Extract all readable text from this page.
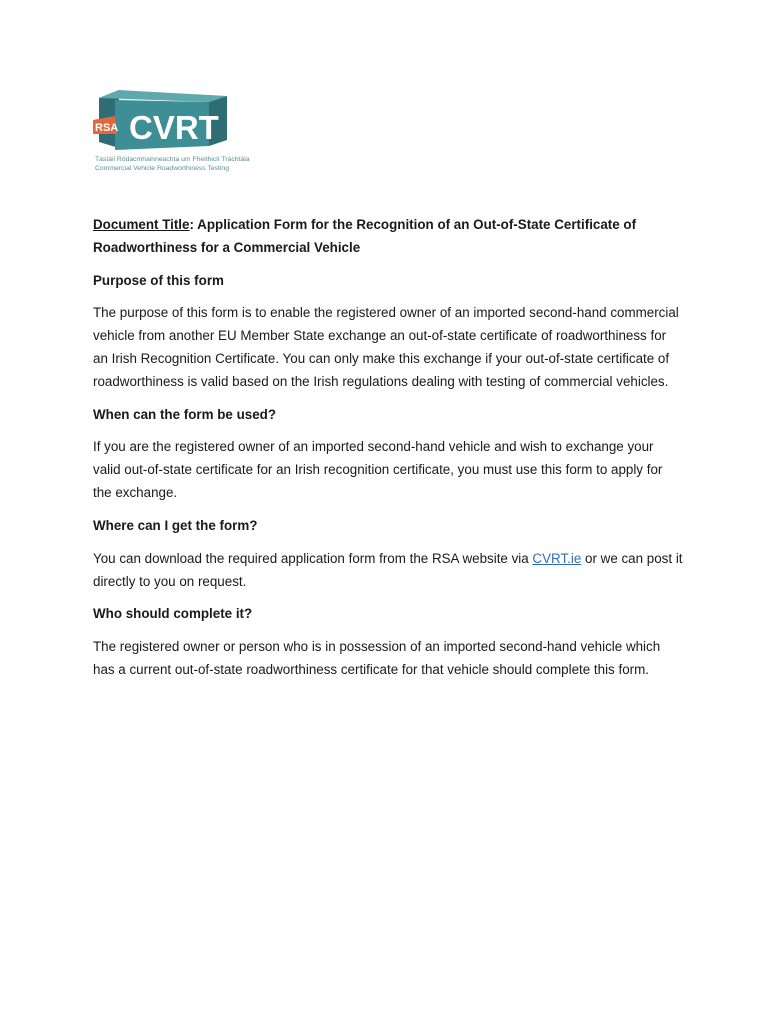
RSA CVRT
Tástáil Ródacmhainneachta um Fheithiclí Tráchtála
Commercial Vehicle Roadworthiness Testing

Document Title: Application Form for the Recognition of an Out-of-State Certificate of Roadworthiness for a Commercial Vehicle

Purpose of this form

The purpose of this form is to enable the registered owner of an imported second-hand commercial vehicle from another EU Member State exchange an out-of-state certificate of roadworthiness for an Irish Recognition Certificate. You can only make this exchange if your out-of-state certificate of roadworthiness is valid based on the Irish regulations dealing with testing of commercial vehicles.

When can the form be used?

If you are the registered owner of an imported second-hand vehicle and wish to exchange your valid out-of-state certificate for an Irish recognition certificate, you must use this form to apply for the exchange.

Where can I get the form?

You can download the required application form from the RSA website via CVRT.ie or we can post it directly to you on request.

Who should complete it?

The registered owner or person who is in possession of an imported second-hand vehicle which has a current out-of-state roadworthiness certificate for that vehicle should complete this form.
